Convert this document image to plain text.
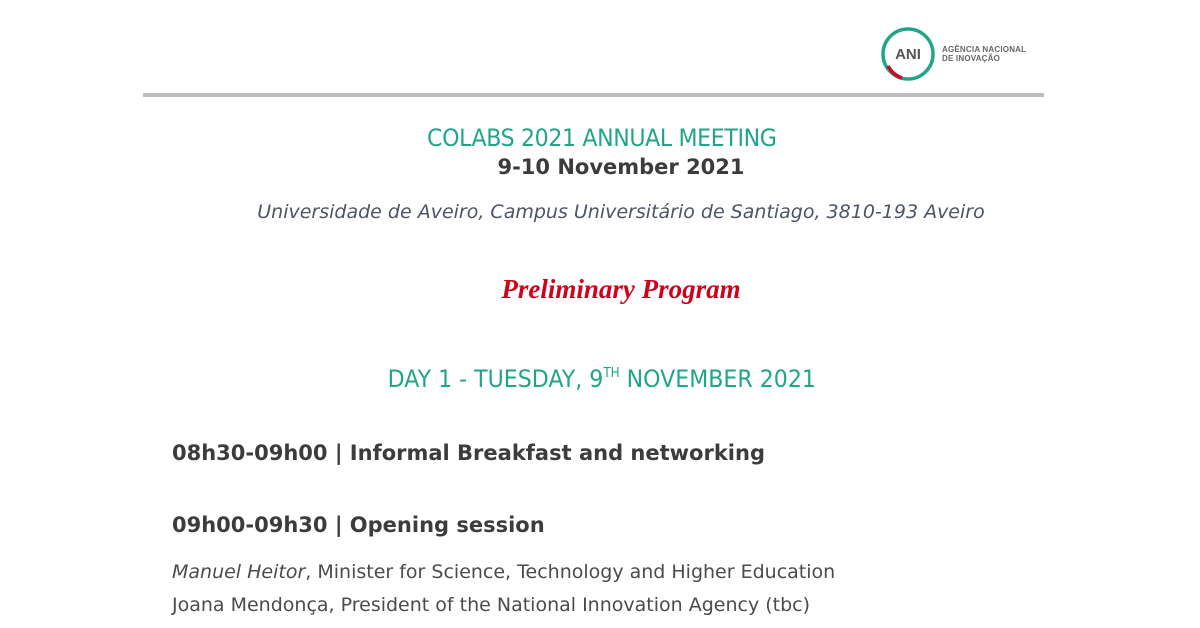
ANI	AGÊNCIA NACIONAL
DE INOVAÇÃO
COLABS 2021 ANNUAL MEETING
9-10 November 2021
Universidade de Aveiro, Campus Universitário de Santiago, 3810-193 Aveiro
Preliminary Program
DAY 1 - TUESDAY, 9TH NOVEMBER 2021
08h30-09h00 | Informal Breakfast and networking
09h00-09h30 | Opening session
Manuel Heitor, Minister for Science, Technology and Higher Education
Joana Mendonça, President of the National Innovation Agency (tbc)
